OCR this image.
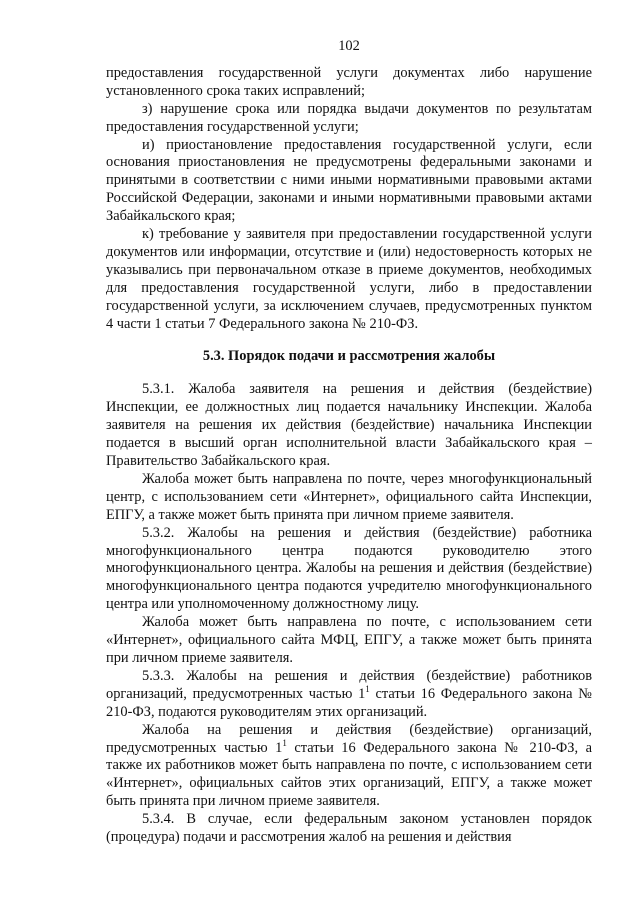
102

предоставления государственной услуги документах либо нарушение установленного срока таких исправлений;

з) нарушение срока или порядка выдачи документов по результатам предоставления государственной услуги;

и) приостановление предоставления государственной услуги, если основания приостановления не предусмотрены федеральными законами и принятыми в соответствии с ними иными нормативными правовыми актами Российской Федерации, законами и иными нормативными правовыми актами Забайкальского края;

к) требование у заявителя при предоставлении государственной услуги документов или информации, отсутствие и (или) недостоверность которых не указывались при первоначальном отказе в приеме документов, необходимых для предоставления государственной услуги, либо в предоставлении государственной услуги, за исключением случаев, предусмотренных пунктом 4 части 1 статьи 7 Федерального закона № 210-ФЗ.

5.3. Порядок подачи и рассмотрения жалобы

5.3.1. Жалоба заявителя на решения и действия (бездействие) Инспекции, ее должностных лиц подается начальнику Инспекции. Жалоба заявителя на решения их действия (бездействие) начальника Инспекции подается в высший орган исполнительной власти Забайкальского края – Правительство Забайкальского края.

Жалоба может быть направлена по почте, через многофункциональный центр, с использованием сети «Интернет», официального сайта Инспекции, ЕПГУ, а также может быть принята при личном приеме заявителя.

5.3.2. Жалобы на решения и действия (бездействие) работника многофункционального центра подаются руководителю этого многофункционального центра. Жалобы на решения и действия (бездействие) многофункционального центра подаются учредителю многофункционального центра или уполномоченному должностному лицу.

Жалоба может быть направлена по почте, с использованием сети «Интернет», официального сайта МФЦ, ЕПГУ, а также может быть принята при личном приеме заявителя.

5.3.3. Жалобы на решения и действия (бездействие) работников организаций, предусмотренных частью $1^1$ статьи 16 Федерального закона № 210-ФЗ, подаются руководителям этих организаций.

Жалоба на решения и действия (бездействие) организаций, предусмотренных частью $1^1$ статьи 16 Федерального закона № 210-ФЗ, а также их работников может быть направлена по почте, с использованием сети «Интернет», официальных сайтов этих организаций, ЕПГУ, а также может быть принята при личном приеме заявителя.

5.3.4. В случае, если федеральным законом установлен порядок (процедура) подачи и рассмотрения жалоб на решения и действия
